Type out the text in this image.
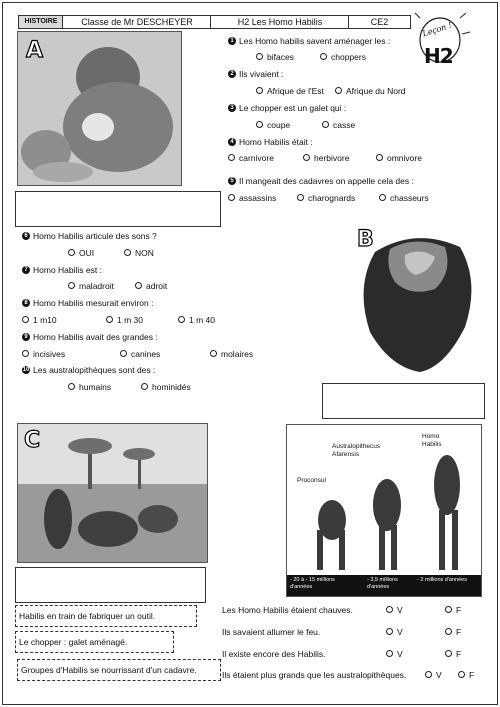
HISTOIRE	Classe de Mr DESCHEYER	H2 Les Homo Habilis	CE2	Leçon !
H2
A	1 Les Homo habilis savent aménager les :
bifaces	choppers
2 Ils vivaient :
Afrique de l'Est	Afrique du Nord
3 Le chopper est un galet qui :
coupe	casse
4 Homo Habilis était :
carnivore	herbivore	omnivore
5 Il mangeait des cadavres on appelle cela des :
assassins	charognards	chasseurs
6 Homo Habilis articule des sons ?
OUI	NON
7 Homo Habilis est :
maladroit	adroit
8 Homo Habilis mesurait environ :
1 m10	1 m 30	1 m 40
9 Homo Habilis avait des grandes :
incisives	canines	molaires
10 Les australopithèques sont des :
humains	hominidés
B
C	Homo Habilis
Australopithecus Afarensis
Proconsul
- 20 à - 15 millions d'années
- 3,5 millions d'années
- 2 millions d'années
Habilis en train de fabriquer un outil.
Le chopper : galet aménagé.
Groupes d'Habilis se nourrissant d'un cadavre.
Les Homo Habilis étaient chauves.	V	F
Ils savaient allumer le feu.	V	F
Il existe encore des Habilis.	V	F
Ils étaient plus grands que les australopithèques.	V	F
